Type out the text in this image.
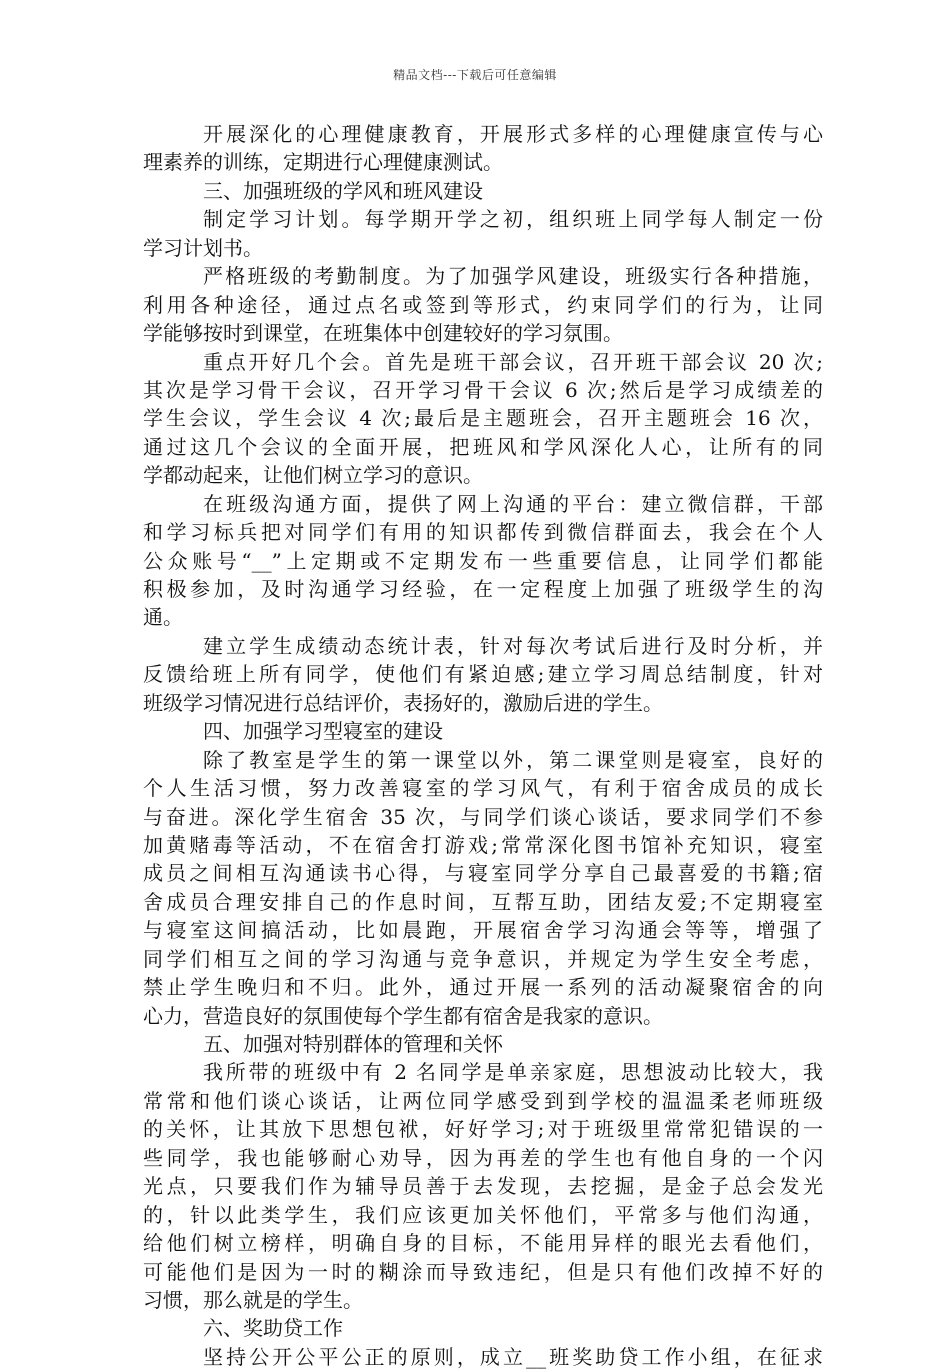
精品文档---下载后可任意编辑
开展深化的心理健康教育，开展形式多样的心理健康宣传与心
理素养的训练，定期进行心理健康测试。
三、加强班级的学风和班风建设
制定学习计划。每学期开学之初，组织班上同学每人制定一份
学习计划书。
严格班级的考勤制度。为了加强学风建设，班级实行各种措施，
利用各种途径，通过点名或签到等形式，约束同学们的行为，让同
学能够按时到课堂，在班集体中创建较好的学习氛围。
重点开好几个会。首先是班干部会议，召开班干部会议 20 次;
其次是学习骨干会议，召开学习骨干会议 6 次;然后是学习成绩差的
学生会议，学生会议 4 次;最后是主题班会，召开主题班会 16 次，
通过这几个会议的全面开展，把班风和学风深化人心，让所有的同
学都动起来，让他们树立学习的意识。
在班级沟通方面，提供了网上沟通的平台：建立微信群，干部
和学习标兵把对同学们有用的知识都传到微信群面去，我会在个人
公众账号“__”上定期或不定期发布一些重要信息，让同学们都能
积极参加，及时沟通学习经验，在一定程度上加强了班级学生的沟
通。
建立学生成绩动态统计表，针对每次考试后进行及时分析，并
反馈给班上所有同学，使他们有紧迫感;建立学习周总结制度，针对
班级学习情况进行总结评价，表扬好的，激励后进的学生。
四、加强学习型寝室的建设
除了教室是学生的第一课堂以外，第二课堂则是寝室，良好的
个人生活习惯，努力改善寝室的学习风气，有利于宿舍成员的成长
与奋进。深化学生宿舍 35 次，与同学们谈心谈话，要求同学们不参
加黄赌毒等活动，不在宿舍打游戏;常常深化图书馆补充知识，寝室
成员之间相互沟通读书心得，与寝室同学分享自己最喜爱的书籍;宿
舍成员合理安排自己的作息时间，互帮互助，团结友爱;不定期寝室
与寝室这间搞活动，比如晨跑，开展宿舍学习沟通会等等，增强了
同学们相互之间的学习沟通与竞争意识，并规定为学生安全考虑，
禁止学生晚归和不归。此外，通过开展一系列的活动凝聚宿舍的向
心力，营造良好的氛围使每个学生都有宿舍是我家的意识。
五、加强对特别群体的管理和关怀
我所带的班级中有 2 名同学是单亲家庭，思想波动比较大，我
常常和他们谈心谈话，让两位同学感受到到学校的温温柔老师班级
的关怀，让其放下思想包袱，好好学习;对于班级里常常犯错误的一
些同学，我也能够耐心劝导，因为再差的学生也有他自身的一个闪
光点，只要我们作为辅导员善于去发现，去挖掘，是金子总会发光
的，针以此类学生，我们应该更加关怀他们，平常多与他们沟通，
给他们树立榜样，明确自身的目标，不能用异样的眼光去看他们，
可能他们是因为一时的糊涂而导致违纪，但是只有他们改掉不好的
习惯，那么就是的学生。
六、奖助贷工作
坚持公开公平公正的原则，成立__班奖助贷工作小组，在征求
